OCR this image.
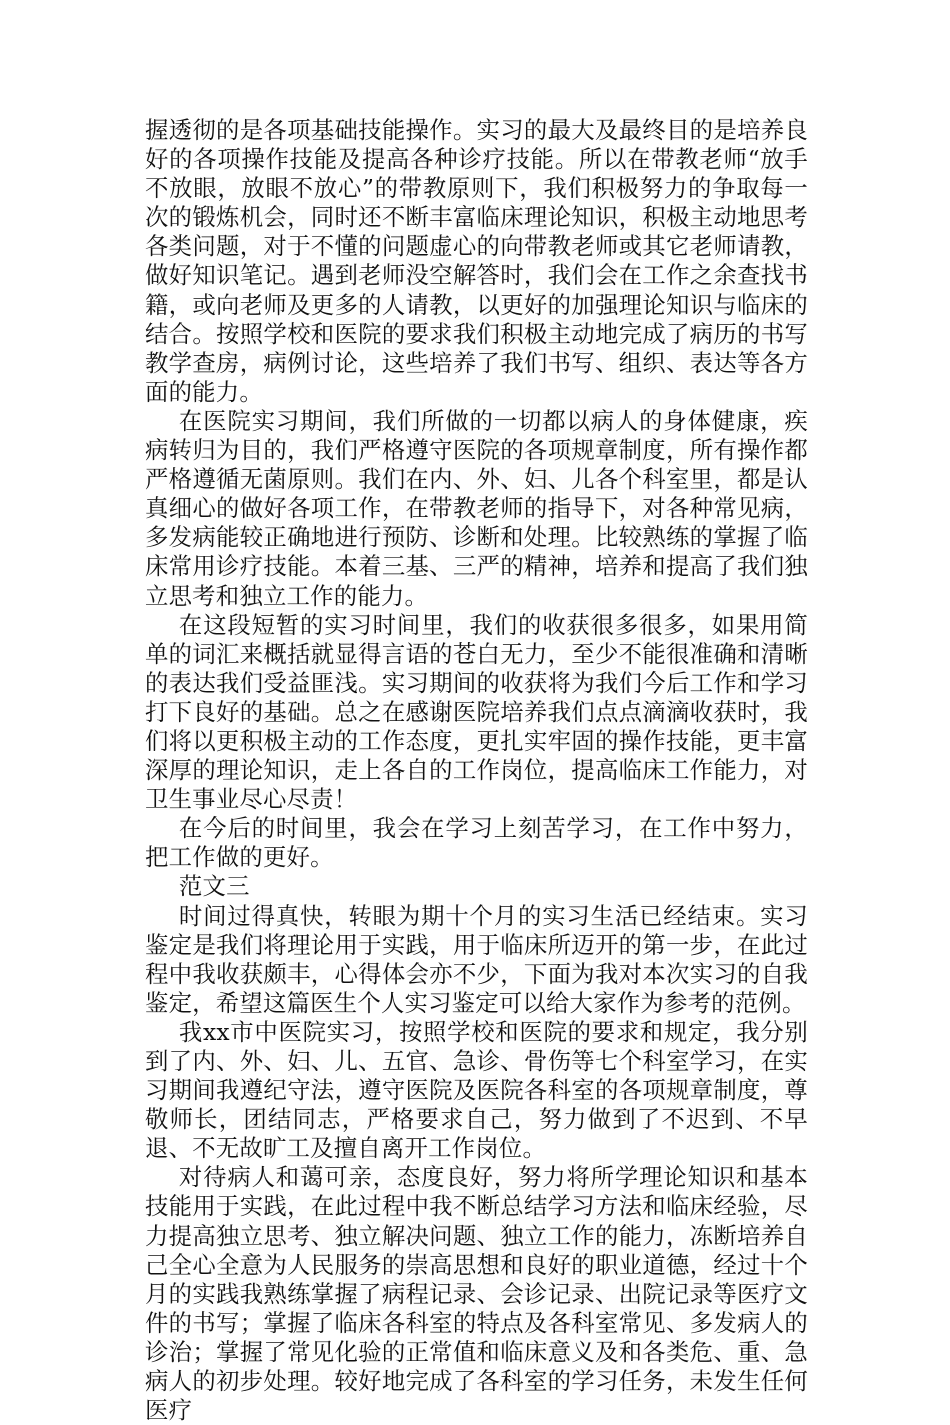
握透彻的是各项基础技能操作。实习的最大及最终目的是培养良好的各项操作技能及提高各种诊疗技能。所以在带教老师“放手不放眼，放眼不放心”的带教原则下，我们积极努力的争取每一次的锻炼机会，同时还不断丰富临床理论知识，积极主动地思考各类问题，对于不懂的问题虚心的向带教老师或其它老师请教，做好知识笔记。遇到老师没空解答时，我们会在工作之余查找书籍，或向老师及更多的人请教，以更好的加强理论知识与临床的结合。按照学校和医院的要求我们积极主动地完成了病历的书写教学查房，病例讨论，这些培养了我们书写、组织、表达等各方面的能力。

在医院实习期间，我们所做的一切都以病人的身体健康，疾病转归为目的，我们严格遵守医院的各项规章制度，所有操作都严格遵循无菌原则。我们在内、外、妇、儿各个科室里，都是认真细心的做好各项工作，在带教老师的指导下，对各种常见病，多发病能较正确地进行预防、诊断和处理。比较熟练的掌握了临床常用诊疗技能。本着三基、三严的精神，培养和提高了我们独立思考和独立工作的能力。

在这段短暂的实习时间里，我们的收获很多很多，如果用简单的词汇来概括就显得言语的苍白无力，至少不能很准确和清晰的表达我们受益匪浅。实习期间的收获将为我们今后工作和学习打下良好的基础。总之在感谢医院培养我们点点滴滴收获时，我们将以更积极主动的工作态度，更扎实牢固的操作技能，更丰富深厚的理论知识，走上各自的工作岗位，提高临床工作能力，对卫生事业尽心尽责！

在今后的时间里，我会在学习上刻苦学习，在工作中努力，把工作做的更好。

范文三

时间过得真快，转眼为期十个月的实习生活已经结束。实习鉴定是我们将理论用于实践，用于临床所迈开的第一步，在此过程中我收获颇丰，心得体会亦不少，下面为我对本次实习的自我鉴定，希望这篇医生个人实习鉴定可以给大家作为参考的范例。

我xx市中医院实习，按照学校和医院的要求和规定，我分别到了内、外、妇、儿、五官、急诊、骨伤等七个科室学习，在实习期间我遵纪守法，遵守医院及医院各科室的各项规章制度，尊敬师长，团结同志，严格要求自己，努力做到了不迟到、不早退、不无故旷工及擅自离开工作岗位。

对待病人和蔼可亲，态度良好，努力将所学理论知识和基本技能用于实践，在此过程中我不断总结学习方法和临床经验，尽力提高独立思考、独立解决问题、独立工作的能力，冻断培养自己全心全意为人民服务的崇高思想和良好的职业道德，经过十个月的实践我熟练掌握了病程记录、会诊记录、出院记录等医疗文件的书写；掌握了临床各科室的特点及各科室常见、多发病人的诊治；掌握了常见化验的正常值和临床意义及和各类危、重、急病人的初步处理。较好地完成了各科室的学习任务，未发生任何医疗
